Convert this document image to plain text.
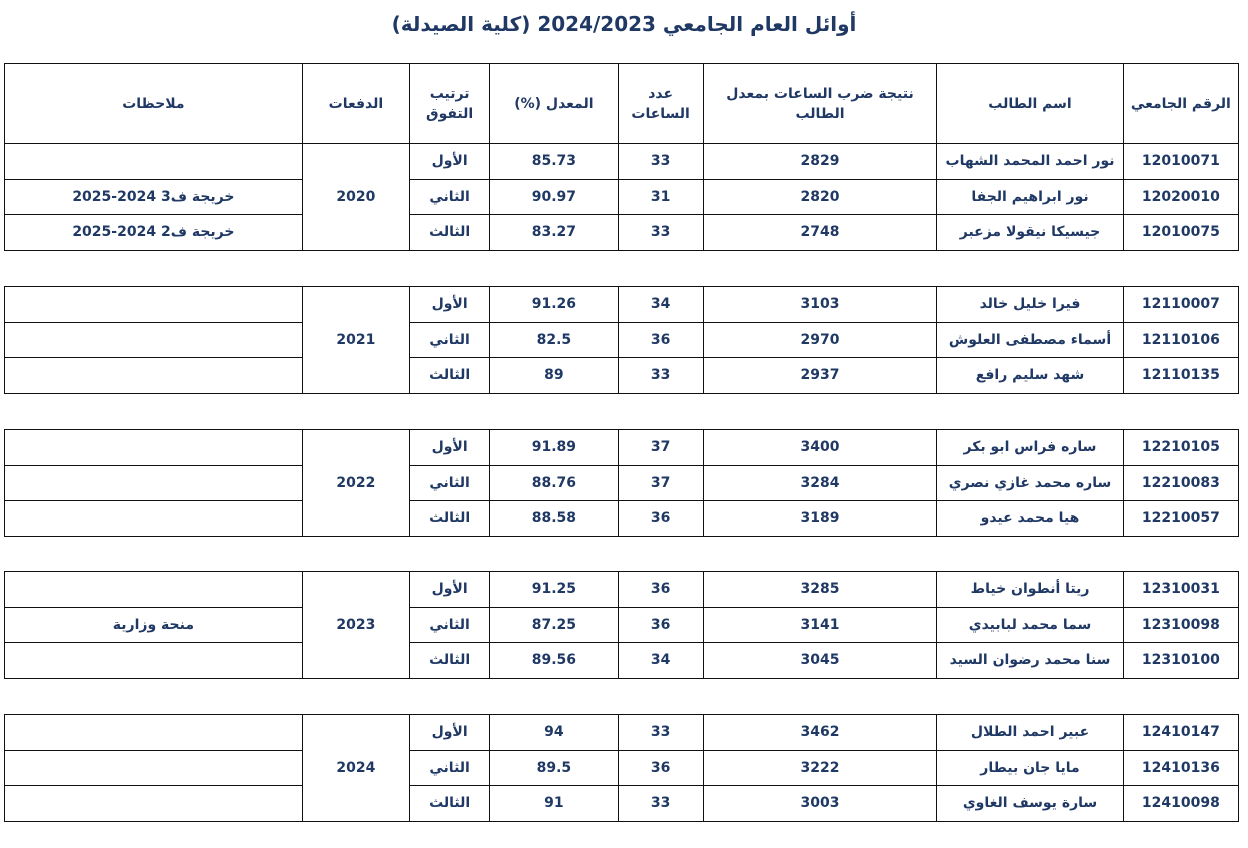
أوائل العام الجامعي 2024/2023 (كلية الصيدلة)
الرقم الجامعي	اسم الطالب	نتيجة ضرب الساعات بمعدل الطالب	عدد الساعات	المعدل (%)	ترتيب التفوق	الدفعات	ملاحظات
12010071	نور احمد المحمد الشهاب	2829	33	85.73	الأول	2020	
12020010	نور ابراهيم الجفا	2820	31	90.97	الثاني		خريجة ف3 2024-2025
12010075	جيسيكا نيقولا مزعبر	2748	33	83.27	الثالث		خريجة ف2 2024-2025
12110007	فيرا خليل خالد	3103	34	91.26	الأول	2021	
12110106	أسماء مصطفى العلوش	2970	36	82.5	الثاني		
12110135	شهد سليم رافع	2937	33	89	الثالث		
12210105	ساره فراس ابو بكر	3400	37	91.89	الأول	2022	
12210083	ساره محمد غازي نصري	3284	37	88.76	الثاني		
12210057	هيا محمد عيدو	3189	36	88.58	الثالث		
12310031	ريتا أنطوان خياط	3285	36	91.25	الأول	2023	
12310098	سما محمد لبابيدي	3141	36	87.25	الثاني		منحة وزارية
12310100	سنا محمد رضوان السيد	3045	34	89.56	الثالث		
12410147	عبير احمد الطلال	3462	33	94	الأول	2024	
12410136	مايا جان بيطار	3222	36	89.5	الثاني		
12410098	سارة يوسف الغاوي	3003	33	91	الثالث		
